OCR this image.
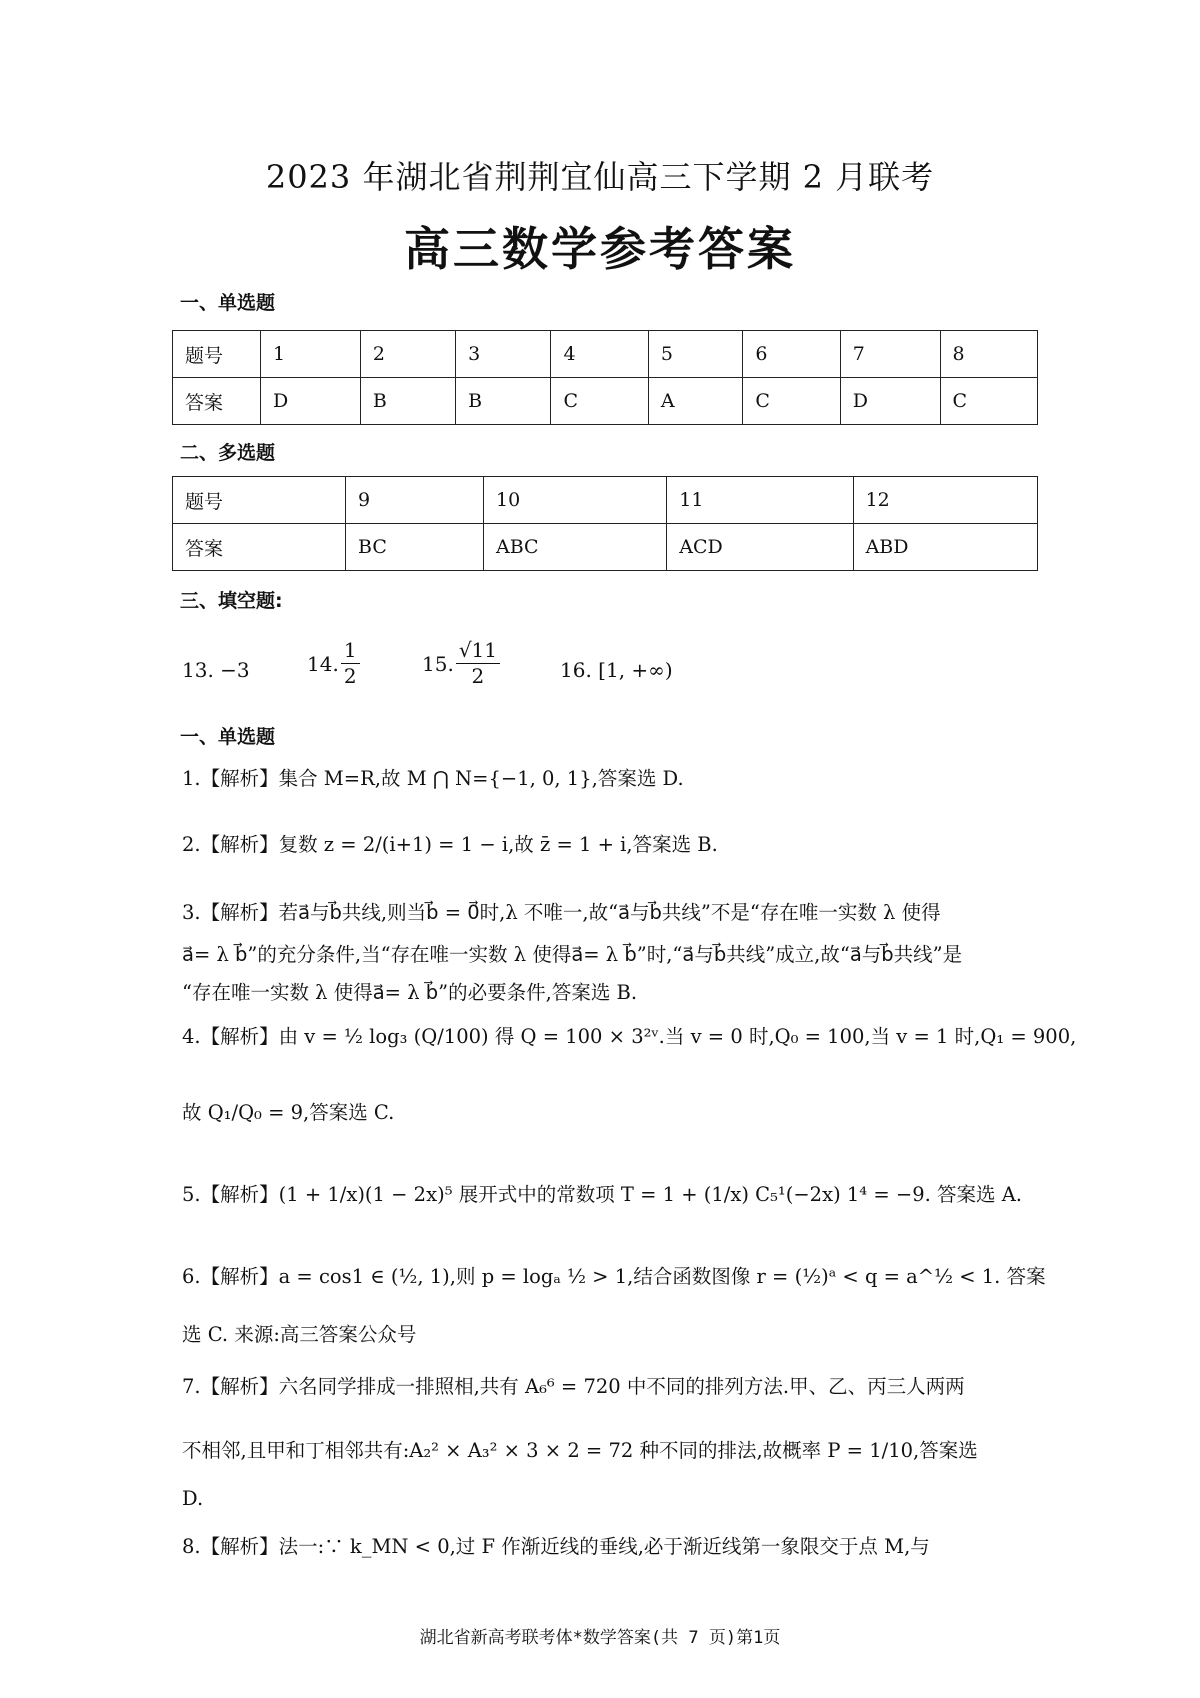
2023 年湖北省荆荆宜仙高三下学期 2 月联考
高三数学参考答案
一、单选题
题号	1	2	3	4	5	6	7	8
答案	D	B	B	C	A	C	D	C
二、多选题
题号	9	10	11	12
答案	BC	ABC	ACD	ABD
三、填空题:
13. −3	14. $\frac{1}{2}$	15. $\frac{√11}{2}$	16. [1, +∞)
一、单选题
1.【解析】集合 M=R,故 M ⋂ N={−1, 0, 1},答案选 D.
2.【解析】复数 z = 2/(i+1) = 1 − i,故 z̄ = 1 + i,答案选 B.
3.【解析】若a⃗与b⃗共线,则当b⃗ = 0⃗时,λ 不唯一,故“a⃗与b⃗共线”不是“存在唯一实数 λ 使得
a⃗= λ b⃗”的充分条件,当“存在唯一实数 λ 使得a⃗= λ b⃗”时,“a⃗与b⃗共线”成立,故“a⃗与b⃗共线”是
“存在唯一实数 λ 使得a⃗= λ b⃗”的必要条件,答案选 B.
4.【解析】由 v = ½ log₃ (Q/100) 得 Q = 100 × 3²ᵛ.当 v = 0 时,Q₀ = 100,当 v = 1 时,Q₁ = 900,
故 Q₁/Q₀ = 9,答案选 C.
5.【解析】(1 + 1/x)(1 − 2x)⁵ 展开式中的常数项 T = 1 + (1/x) C₅¹(−2x) 1⁴ = −9. 答案选 A.
6.【解析】a = cos1 ∈ (½, 1),则 p = logₐ ½ > 1,结合函数图像 r = (½)ᵃ < q = a^½ < 1. 答案
选 C. 来源:高三答案公众号
7.【解析】六名同学排成一排照相,共有 A₆⁶ = 720 中不同的排列方法.甲、乙、丙三人两两
不相邻,且甲和丁相邻共有:A₂² × A₃² × 3 × 2 = 72 种不同的排法,故概率 P = 1/10,答案选
D.
8.【解析】法一:∵ k_MN < 0,过 F 作渐近线的垂线,必于渐近线第一象限交于点 M,与
湖北省新高考联考体*数学答案(共 7 页)第1页
